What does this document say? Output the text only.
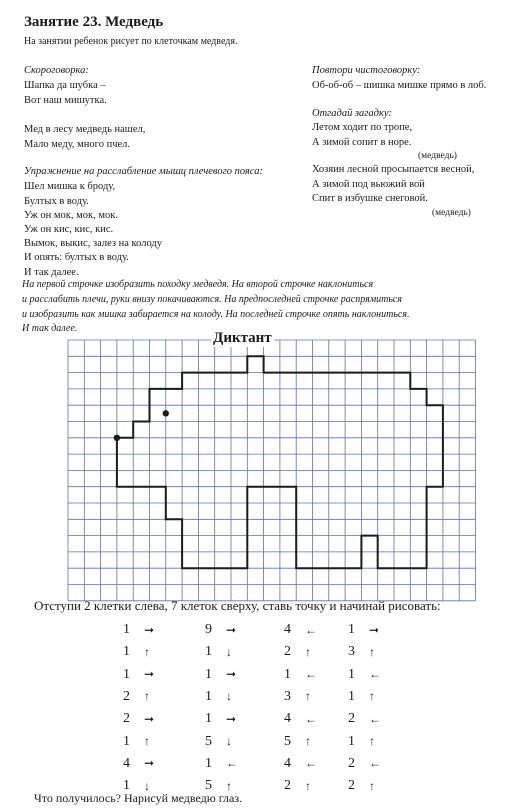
Занятие 23. Медведь
На занятии ребенок рисует по клеточкам медведя.
Скороговорка:
Шапка да шубка –
Вот наш мишутка.
Мед в лесу медведь нашел,
Мало меду, много пчел.
Упражнение на расслабление мышц плечевого пояса:
Шел мишка к броду,
Бултых в воду.
Уж он мок, мок, мок.
Уж он кис, кис, кис.
Вымок, выкис, залез на колоду
И опять: бултых в воду.
И так далее.
Повтори чистоговорку:
Об-об-об – шишка мишке прямо в лоб.
Отгадай загадку:
Летом ходит по тропе,
А зимой сопит в норе.
(медведь)
Хозяин лесной просыпается весной,
А зимой под вьюжий вой
Спит в избушке снеговой.
(медведь)
На первой строчке изобразить походку медведя. На второй строчке наклониться
и расслабить плечи, руки внизу покачиваются. На предпоследней строчке распрямиться
и изобразить как мишка забирается на колоду. На последней строчке опять наклониться.
И так далее.
Диктант
Отступи 2 клетки слева, 7 клеток сверху, ставь точку и начинай рисовать:
1 ➞
1 ↑
1 ➞
2 ↑
2 ➞
1 ↑
4 ➞
1 ↓
9 ➞
1 ↓
1 ➞
1 ↓
1 ➞
5 ↓
1 ←
5 ↑
4 ←
2 ↑
1 ←
3 ↑
4 ←
5 ↑
4 ←
2 ↑
1 ➞
3 ↑
1 ←
1 ↑
2 ←
1 ↑
2 ←
2 ↑
Что получилось? Нарисуй медведю глаз.
